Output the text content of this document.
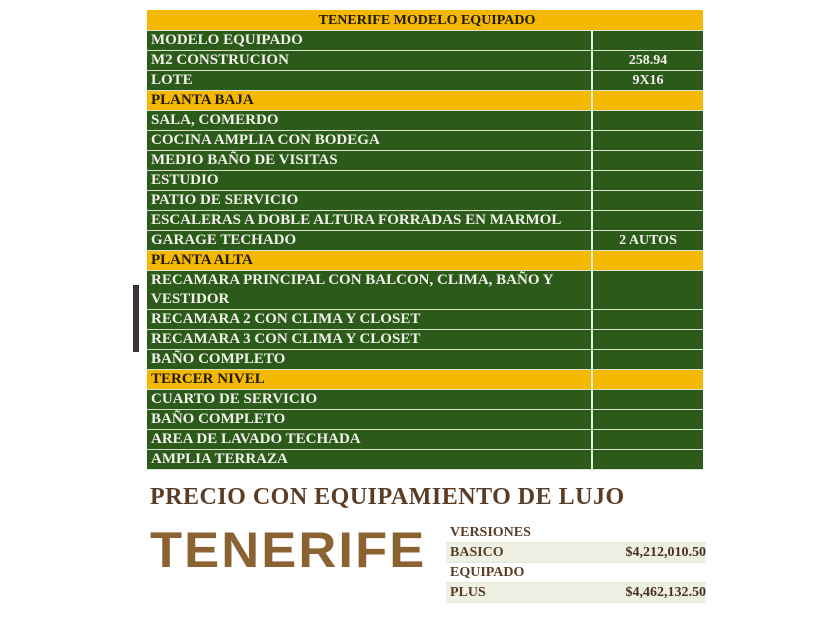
TENERIFE MODELO EQUIPADO
MODELO EQUIPADO
M2 CONSTRUCION	258.94
LOTE	9X16
PLANTA BAJA
SALA, COMERDO
COCINA AMPLIA CON BODEGA
MEDIO BAÑO DE VISITAS
ESTUDIO
PATIO DE SERVICIO
ESCALERAS A DOBLE ALTURA FORRADAS EN MARMOL
GARAGE TECHADO	2 AUTOS
PLANTA ALTA
RECAMARA PRINCIPAL CON BALCON, CLIMA, BAÑO Y VESTIDOR
RECAMARA 2 CON CLIMA Y CLOSET
RECAMARA 3 CON CLIMA Y CLOSET
BAÑO COMPLETO
TERCER NIVEL
CUARTO DE SERVICIO
BAÑO COMPLETO
AREA DE LAVADO TECHADA
AMPLIA TERRAZA
PRECIO CON EQUIPAMIENTO DE LUJO
TENERIFE VERSIONES
BASICO	$4,212,010.50
EQUIPADO
PLUS	$4,462,132.50
